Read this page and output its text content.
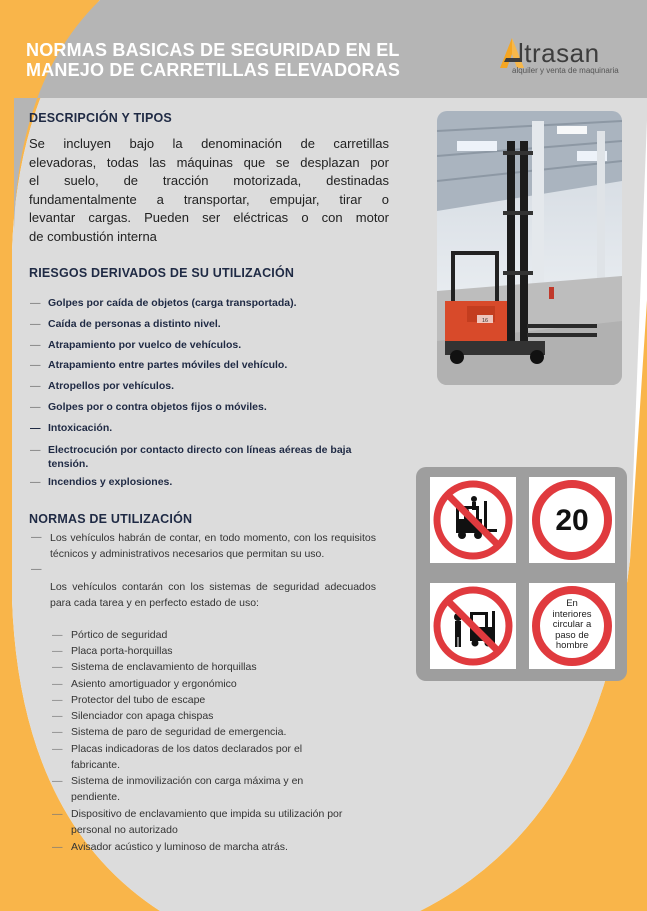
NORMAS BASICAS DE SEGURIDAD EN EL
MANEJO DE CARRETILLAS ELEVADORAS
ltrasan
alquiler y venta de maquinaria
DESCRIPCIÓN Y TIPOS
Se incluyen bajo la denominación de carretillas
elevadoras, todas las máquinas que se desplazan por
el suelo, de tracción motorizada, destinadas
fundamentalmente a transportar, empujar, tirar o
levantar cargas. Pueden ser eléctricas o con motor
de combustión interna
RIESGOS DERIVADOS DE SU UTILIZACIÓN
— Golpes por caída de objetos (carga transportada).
— Caída de personas a distinto nivel.
— Atrapamiento por vuelco de vehículos.
— Atrapamiento entre partes móviles del vehículo.
— Atropellos por vehículos.
— Golpes por o contra objetos fijos o móviles.
— Intoxicación.
— Electrocución por contacto directo con líneas aéreas de baja tensión.
— Incendios y explosiones.
NORMAS DE UTILIZACIÓN
—
—
Los vehículos habrán de contar, en todo momento, con los requisitos técnicos y administrativos necesarios que permitan su uso.
Los vehículos contarán con los sistemas de seguridad adecuados para cada tarea y en perfecto estado de uso:
— Pórtico de seguridad
— Placa porta-horquillas
— Sistema de enclavamiento de horquillas
— Asiento amortiguador y ergonómico
— Protector del tubo de escape
— Silenciador con apaga chispas
— Sistema de paro de seguridad de emergencia.
— Placas indicadoras de los datos declarados por el fabricante.
— Sistema de inmovilización con carga máxima y en pendiente.
— Dispositivo de enclavamiento que impida su utilización por personal no autorizado
— Avisador acústico y luminoso de marcha atrás.
16
20
En interiores circular a paso de hombre
